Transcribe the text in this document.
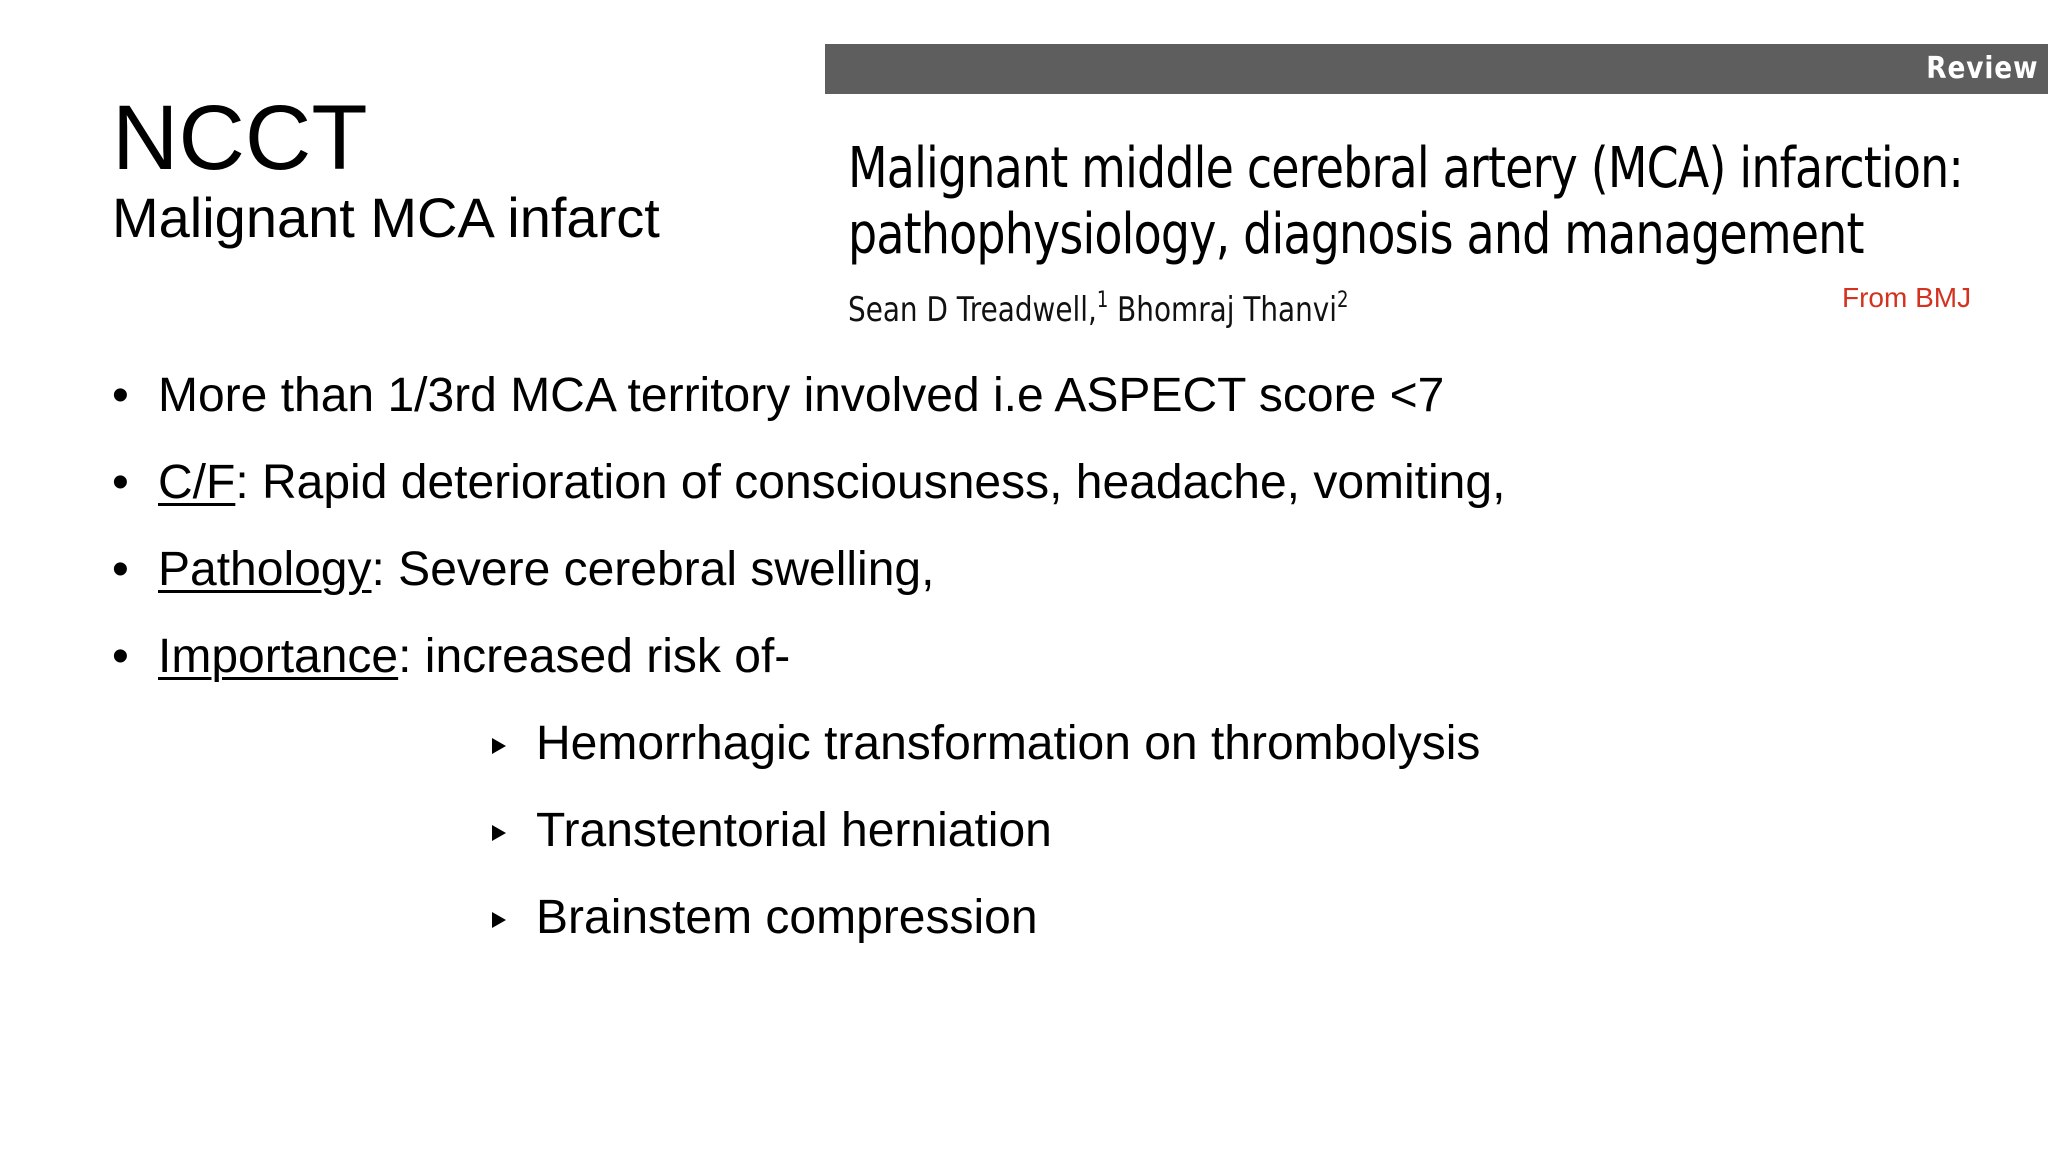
NCCT
Malignant MCA infarct
Review
Malignant middle cerebral artery (MCA) infarction:
pathophysiology, diagnosis and management
Sean D Treadwell,$^1$ Bhomraj Thanvi$^2$	From BMJ
• More than 1/3rd MCA territory involved i.e ASPECT score <7
• C/F: Rapid deterioration of consciousness, headache, vomiting,
• Pathology: Severe cerebral swelling,
• Importance: increased risk of-
Hemorrhagic transformation on thrombolysis
Transtentorial herniation
Brainstem compression
